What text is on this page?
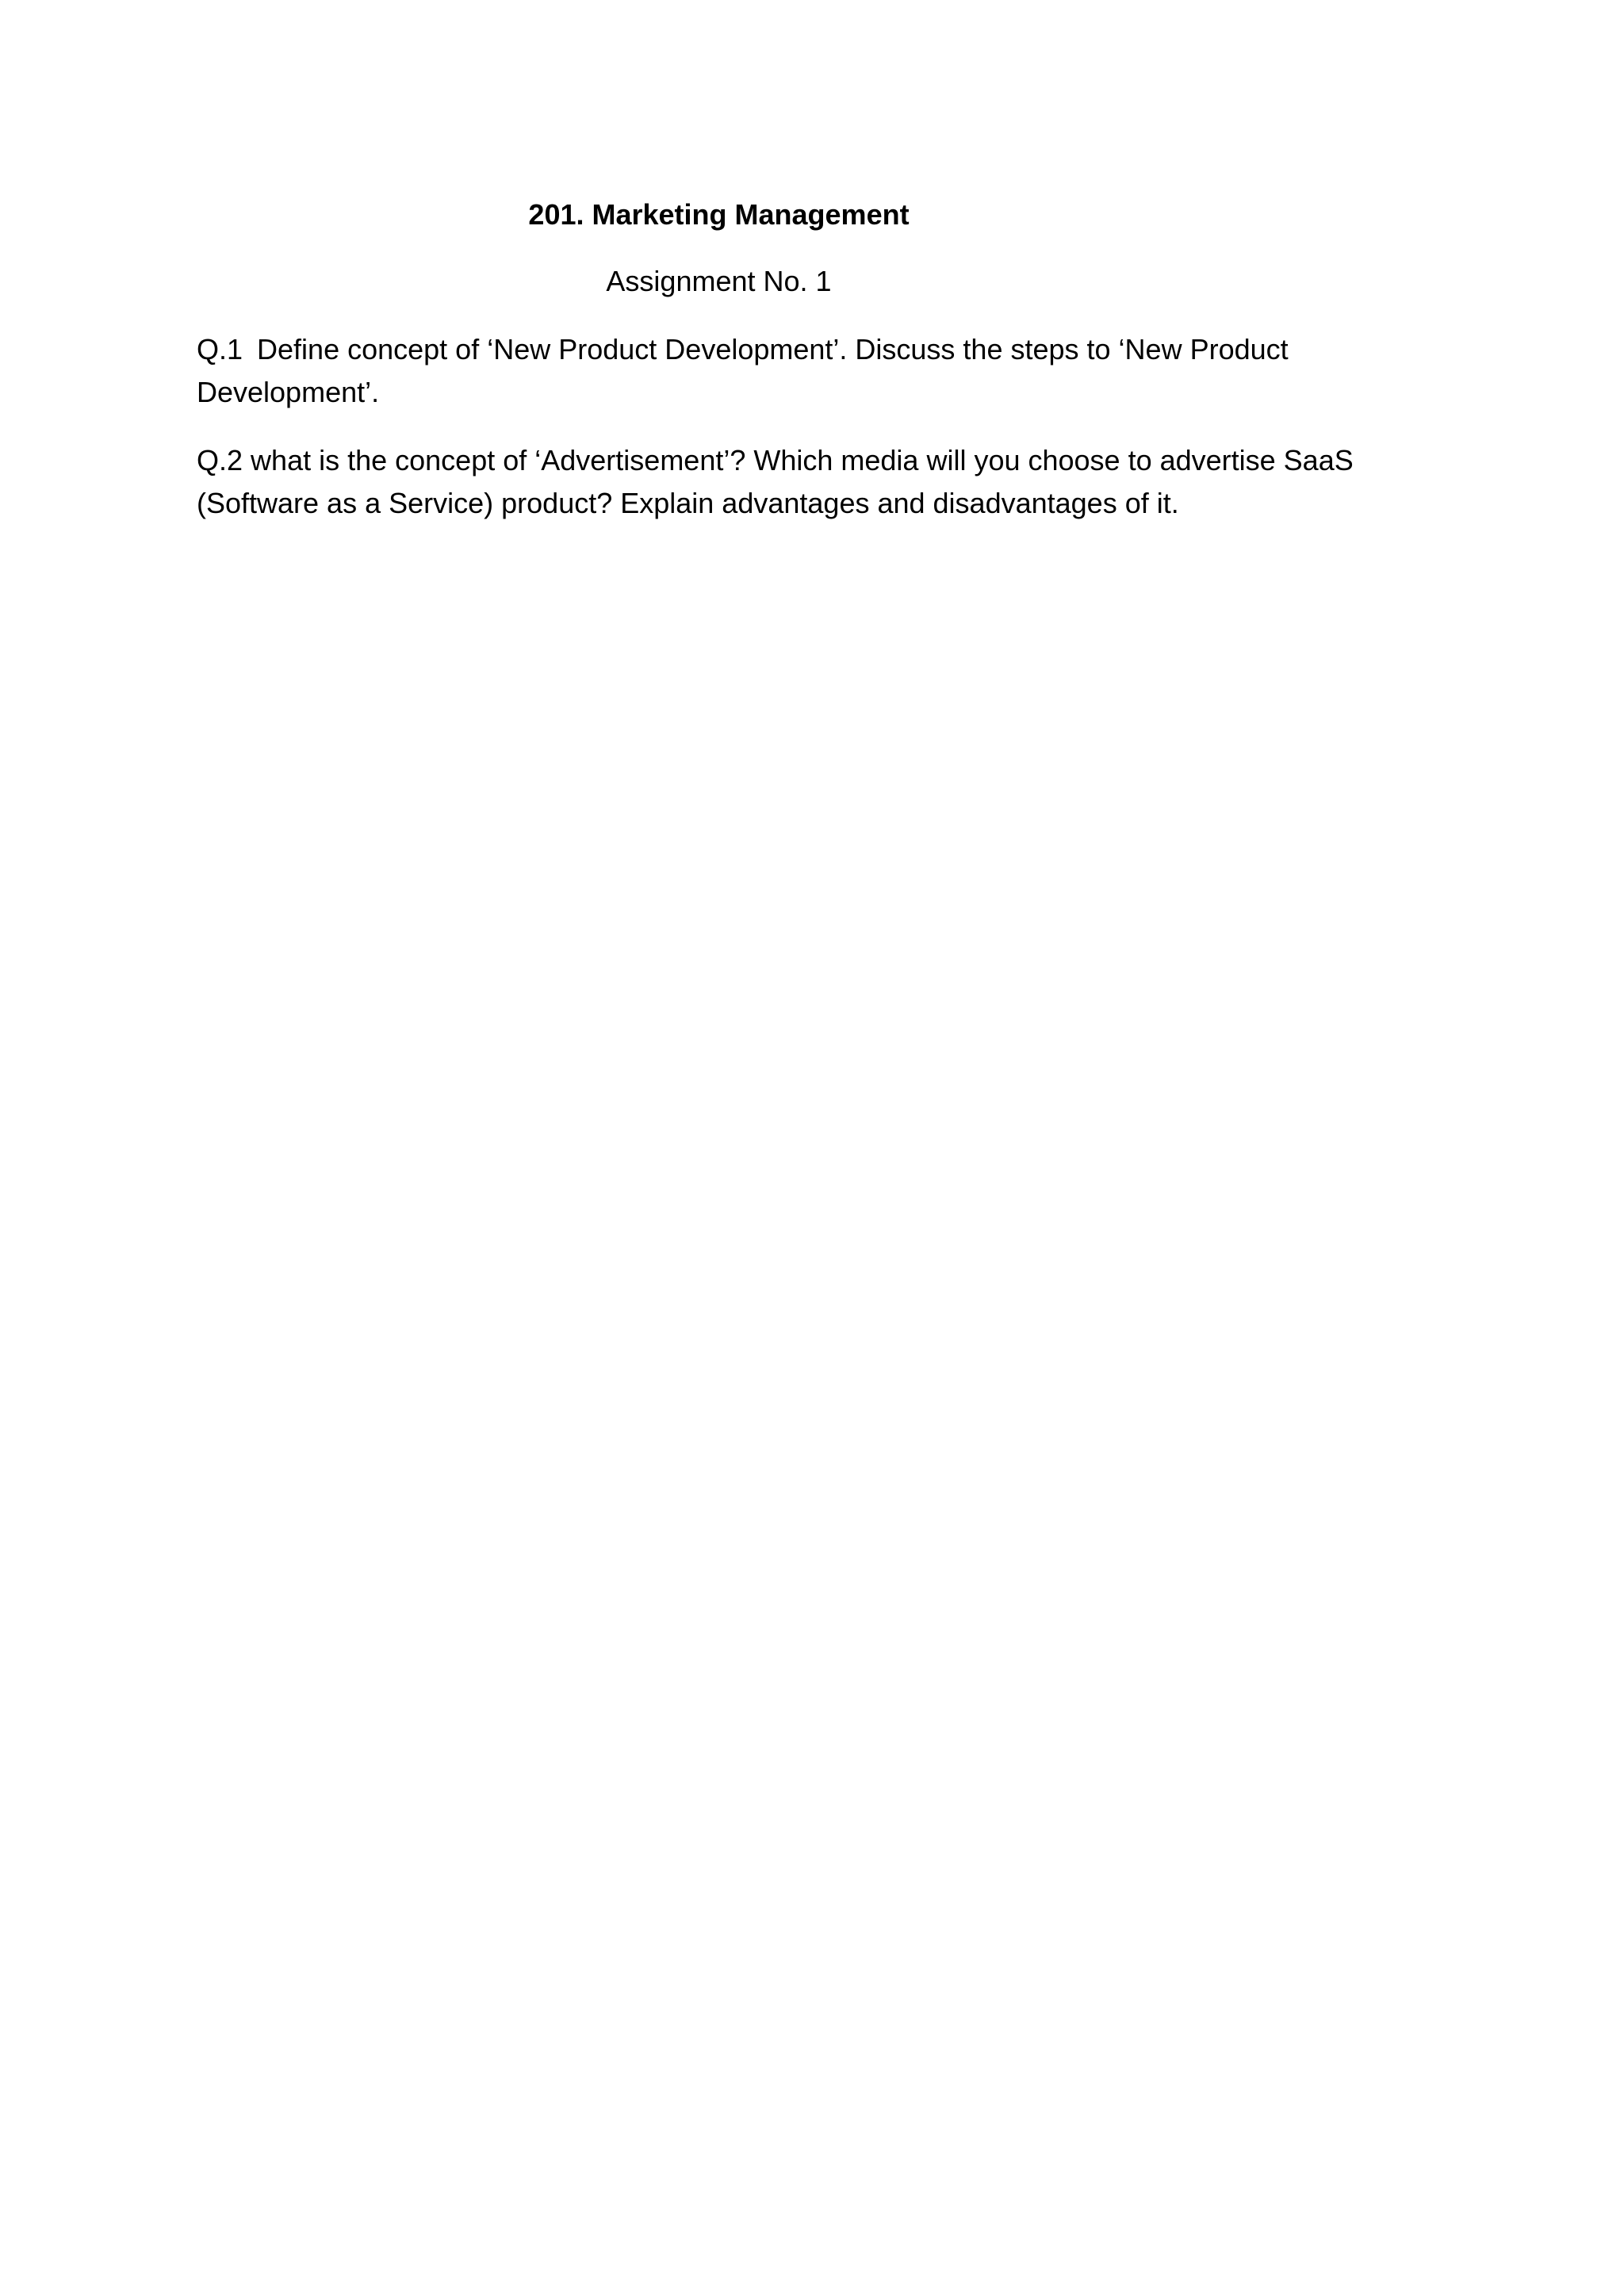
201. Marketing Management

Assignment No. 1

Q.1 Define concept of ‘New Product Development’. Discuss the steps to ‘New Product Development’.

Q.2 what is the concept of ‘Advertisement’? Which media will you choose to advertise SaaS (Software as a Service) product? Explain advantages and disadvantages of it.
